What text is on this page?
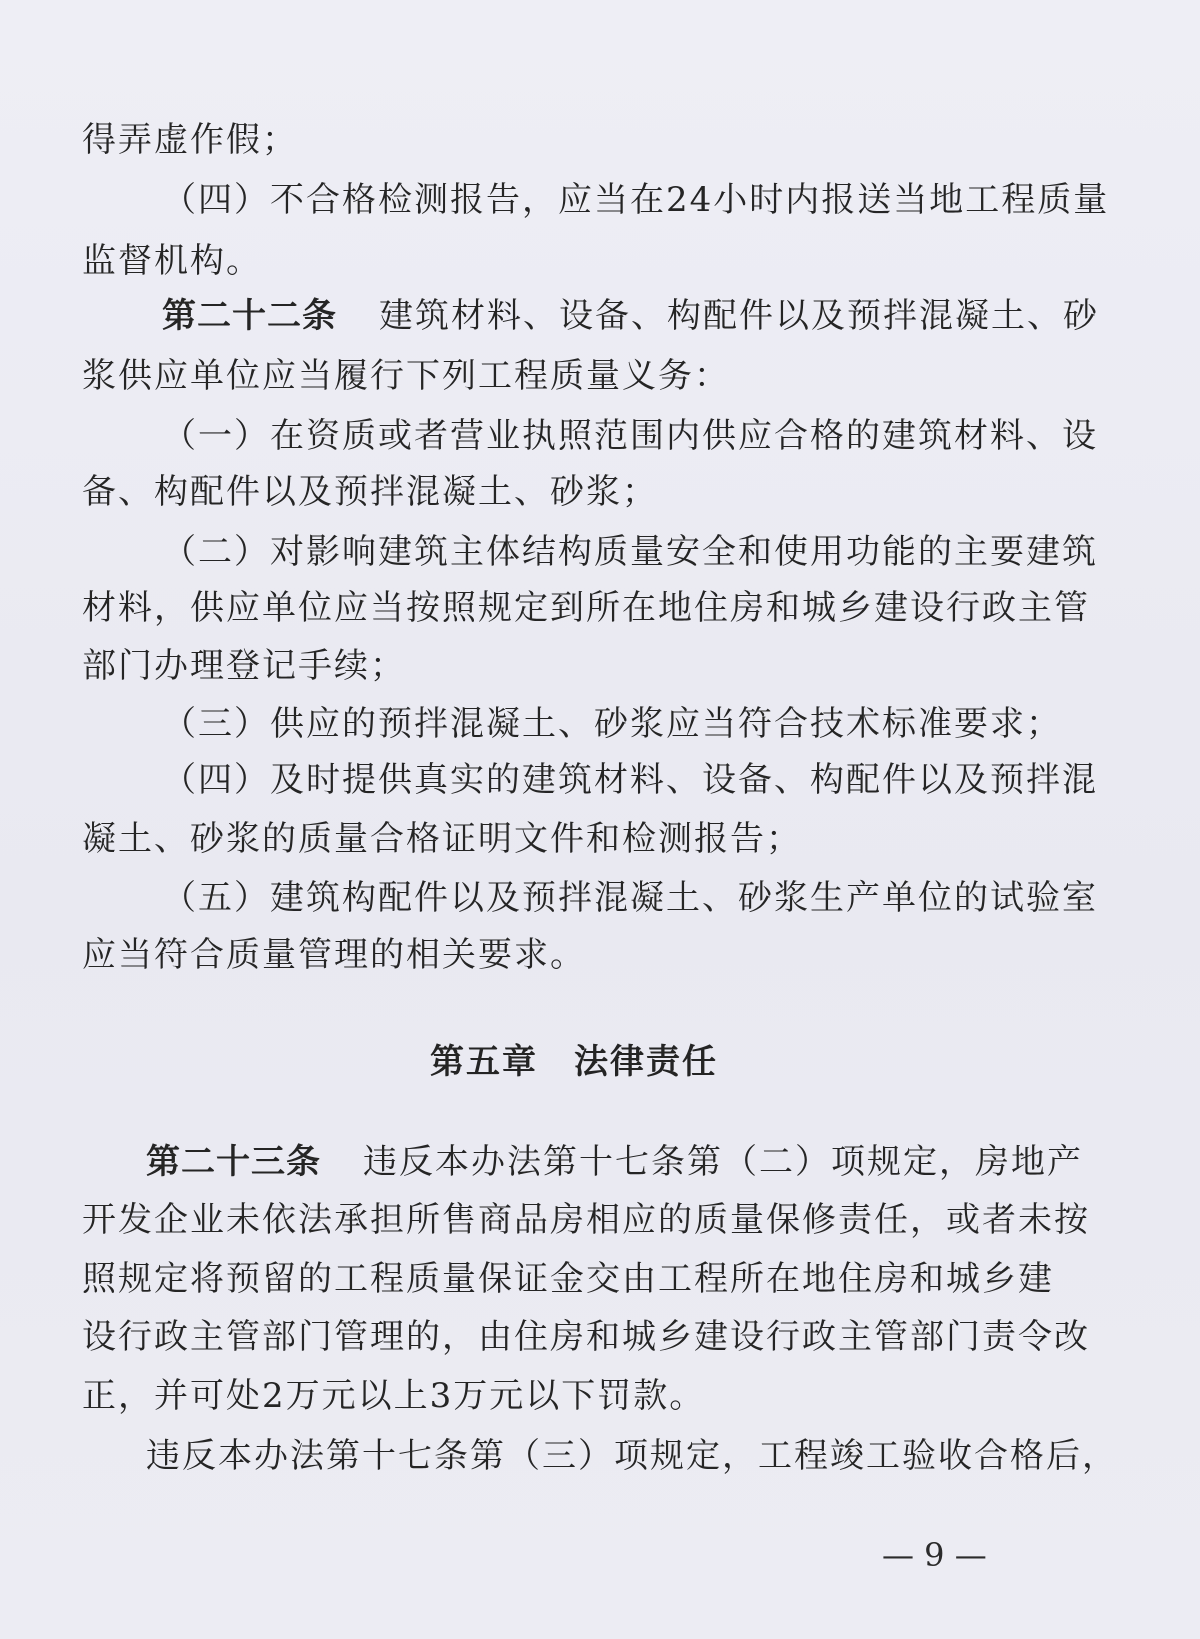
得弄虚作假；
（四）不合格检测报告，应当在24小时内报送当地工程质量
监督机构。
第二十二条 建筑材料、设备、构配件以及预拌混凝土、砂
浆供应单位应当履行下列工程质量义务：
（一）在资质或者营业执照范围内供应合格的建筑材料、设
备、构配件以及预拌混凝土、砂浆；
（二）对影响建筑主体结构质量安全和使用功能的主要建筑
材料，供应单位应当按照规定到所在地住房和城乡建设行政主管
部门办理登记手续；
（三）供应的预拌混凝土、砂浆应当符合技术标准要求；
（四）及时提供真实的建筑材料、设备、构配件以及预拌混
凝土、砂浆的质量合格证明文件和检测报告；
（五）建筑构配件以及预拌混凝土、砂浆生产单位的试验室
应当符合质量管理的相关要求。
第五章　法律责任
第二十三条 违反本办法第十七条第（二）项规定，房地产
开发企业未依法承担所售商品房相应的质量保修责任，或者未按
照规定将预留的工程质量保证金交由工程所在地住房和城乡建
设行政主管部门管理的，由住房和城乡建设行政主管部门责令改
正，并可处2万元以上3万元以下罚款。
违反本办法第十七条第（三）项规定，工程竣工验收合格后，
— 9 —
